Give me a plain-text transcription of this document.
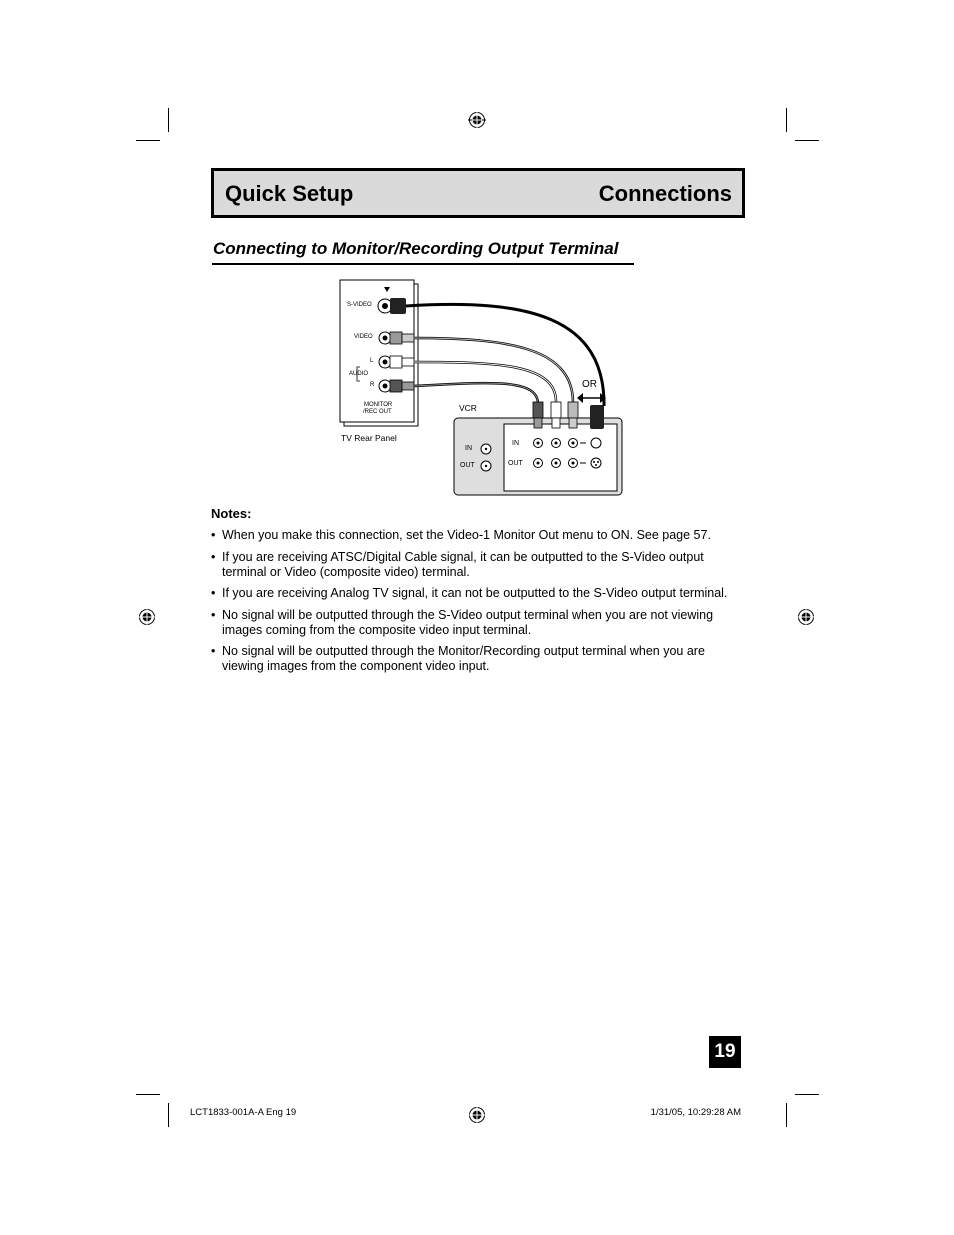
Quick Setup	Connections
Connecting to Monitor/Recording Output Terminal
S-VIDEO
VIDEO
L
AUDIO
R
MONITOR
/REC OUT
TV Rear Panel
VCR
OR
IN
OUT
IN
OUT
Notes:
• When you make this connection, set the Video-1 Monitor Out menu to ON. See page 57.
• If you are receiving ATSC/Digital Cable signal, it can be outputted to the S-Video output terminal or Video (composite video) terminal.
• If you are receiving Analog TV signal, it can not be outputted to the S-Video output terminal.
• No signal will be outputted through the S-Video output terminal when you are not viewing images coming from the composite video input terminal.
• No signal will be outputted through the Monitor/Recording output terminal when you are viewing images from the component video input.
19
LCT1833-001A-A Eng 19	1/31/05, 10:29:28 AM
